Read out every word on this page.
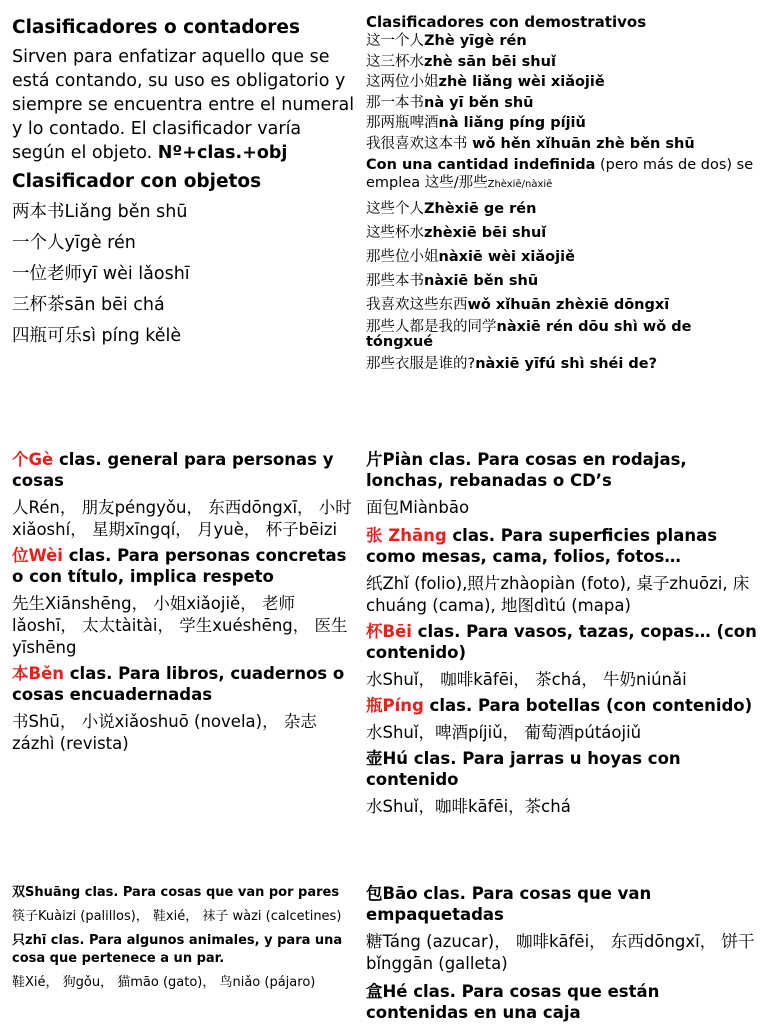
Clasificadores o contadores

Sirven para enfatizar aquello que se está contando, su uso es obligatorio y siempre se encuentra entre el numeral y lo contado. El clasificador varía según el objeto. Nº+clas.+obj

Clasificador con objetos

两本书Liǎng běn shū

一个人yīgè rén

一位老师yī wèi lǎoshī

三杯茶sān bēi chá

四瓶可乐sì píng kělè

Clasificadores con demostrativos

这一个人Zhè yīgè rén

这三杯水zhè sān bēi shuǐ

这两位小姐zhè liǎng wèi xiǎojiě

那一本书nà yī běn shū

那两瓶啤酒nà liǎng píng píjiǔ

我很喜欢这本书 wǒ hěn xǐhuān zhè běn shū

Con una cantidad indefinida (pero más de dos) se emplea 这些/那些Zhèxiē/nàxiē

这些个人Zhèxiē ge rén

这些杯水zhèxiē bēi shuǐ

那些位小姐nàxiē wèi xiǎojiě

那些本书nàxiē běn shū

我喜欢这些东西wǒ xǐhuān zhèxiē dōngxī

那些人都是我的同学nàxiē rén dōu shì wǒ de tóngxué

那些衣服是谁的?nàxiē yīfú shì shéi de?

个Gè clas. general para personas y cosas

人Rén， 朋友péngyǒu， 东西dōngxī， 小时xiǎoshí， 星期xīngqí， 月yuè， 杯子bēizi

位Wèi clas. Para personas concretas o con título, implica respeto

先生Xiānshēng， 小姐xiǎojiě， 老师lǎoshī， 太太tàitài， 学生xuéshēng， 医生yīshēng

本Běn clas. Para libros, cuadernos o cosas encuadernadas

书Shū， 小说xiǎoshuō (novela)， 杂志zázhì (revista)

片Piàn clas. Para cosas en rodajas, lonchas, rebanadas o CD’s

面包Miànbāo

张 Zhāng clas. Para superficies planas como mesas, cama, folios, fotos…

纸Zhǐ (folio),照片zhàopiàn (foto), 桌子zhuōzi, 床chuáng (cama), 地图dìtú (mapa)

杯Bēi clas. Para vasos, tazas, copas… (con contenido)

水Shuǐ， 咖啡kāfēi， 茶chá， 牛奶niúnǎi

瓶Píng clas. Para botellas (con contenido)

水Shuǐ，啤酒píjiǔ， 葡萄酒pútáojiǔ

壶Hú clas. Para jarras u hoyas con contenido

水Shuǐ，咖啡kāfēi，茶chá

双Shuāng clas. Para cosas que van por pares

筷子Kuàizi (palillos)， 鞋xié， 袜子 wàzi (calcetines)

只zhī clas. Para algunos animales, y para una cosa que pertenece a un par.

鞋Xié， 狗gǒu， 猫māo (gato)， 鸟niǎo (pájaro)

包Bāo clas. Para cosas que van empaquetadas

糖Táng (azucar)， 咖啡kāfēi， 东西dōngxī， 饼干bǐnggān (galleta)

盒Hé clas. Para cosas que están contenidas en una caja
